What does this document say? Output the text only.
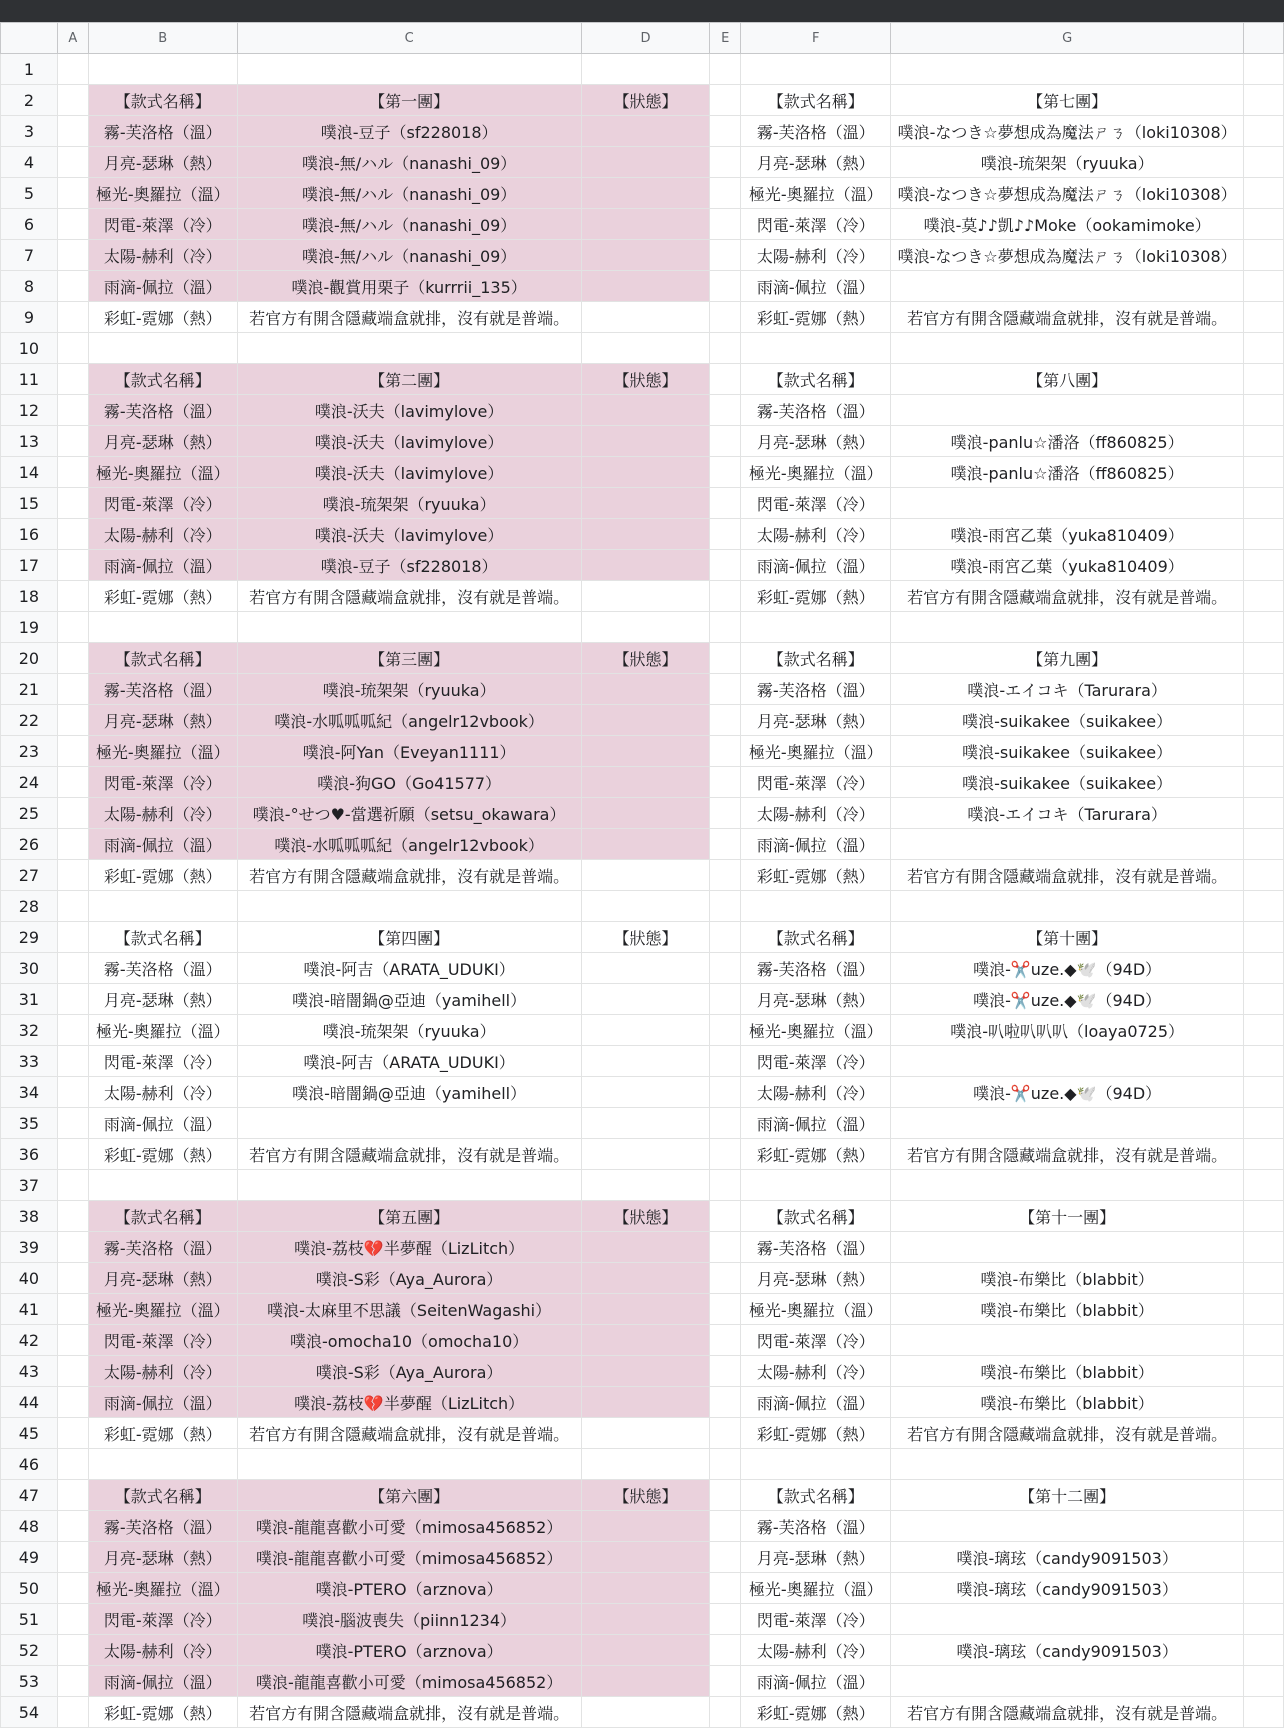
	A	B	C	D	E	F	G	
1								
2		【款式名稱】	【第一團】	【狀態】		【款式名稱】	【第七團】	
3		霧-芙洛格（溫）	噗浪-豆子（sf228018）			霧-芙洛格（溫）	噗浪-なつき☆夢想成為魔法ㄕㄋ（loki10308）	
4		月亮-瑟琳（熱）	噗浪-無/ハル（nanashi_09）			月亮-瑟琳（熱）	噗浪-琉架架（ryuuka）	
5		極光-奧羅拉（溫）	噗浪-無/ハル（nanashi_09）			極光-奧羅拉（溫）	噗浪-なつき☆夢想成為魔法ㄕㄋ（loki10308）	
6		閃電-萊澤（冷）	噗浪-無/ハル（nanashi_09）			閃電-萊澤（冷）	噗浪-莫♪♪凱♪♪Moke（ookamimoke）	
7		太陽-赫利（冷）	噗浪-無/ハル（nanashi_09）			太陽-赫利（冷）	噗浪-なつき☆夢想成為魔法ㄕㄋ（loki10308）	
8		雨滴-佩拉（溫）	噗浪-觀賞用栗子（kurrrii_135）			雨滴-佩拉（溫）		
9		彩虹-霓娜（熱）	若官方有開含隱藏端盒就排，沒有就是普端。			彩虹-霓娜（熱）	若官方有開含隱藏端盒就排，沒有就是普端。	
10								
11		【款式名稱】	【第二團】	【狀態】		【款式名稱】	【第八團】	
12		霧-芙洛格（溫）	噗浪-沃夫（lavimylove）			霧-芙洛格（溫）		
13		月亮-瑟琳（熱）	噗浪-沃夫（lavimylove）			月亮-瑟琳（熱）	噗浪-panlu☆潘洛（ff860825）	
14		極光-奧羅拉（溫）	噗浪-沃夫（lavimylove）			極光-奧羅拉（溫）	噗浪-panlu☆潘洛（ff860825）	
15		閃電-萊澤（冷）	噗浪-琉架架（ryuuka）			閃電-萊澤（冷）		
16		太陽-赫利（冷）	噗浪-沃夫（lavimylove）			太陽-赫利（冷）	噗浪-雨宮乙葉（yuka810409）	
17		雨滴-佩拉（溫）	噗浪-豆子（sf228018）			雨滴-佩拉（溫）	噗浪-雨宮乙葉（yuka810409）	
18		彩虹-霓娜（熱）	若官方有開含隱藏端盒就排，沒有就是普端。			彩虹-霓娜（熱）	若官方有開含隱藏端盒就排，沒有就是普端。	
19								
20		【款式名稱】	【第三團】	【狀態】		【款式名稱】	【第九團】	
21		霧-芙洛格（溫）	噗浪-琉架架（ryuuka）			霧-芙洛格（溫）	噗浪-エイコキ（Tarurara）	
22		月亮-瑟琳（熱）	噗浪-水呱呱呱紀（angelr12vbook）			月亮-瑟琳（熱）	噗浪-suikakee（suikakee）	
23		極光-奧羅拉（溫）	噗浪-阿Yan（Eveyan1111）			極光-奧羅拉（溫）	噗浪-suikakee（suikakee）	
24		閃電-萊澤（冷）	噗浪-狗GO（Go41577）			閃電-萊澤（冷）	噗浪-suikakee（suikakee）	
25		太陽-赫利（冷）	噗浪-°せつ♥-當選祈願（setsu_okawara）			太陽-赫利（冷）	噗浪-エイコキ（Tarurara）	
26		雨滴-佩拉（溫）	噗浪-水呱呱呱紀（angelr12vbook）			雨滴-佩拉（溫）		
27		彩虹-霓娜（熱）	若官方有開含隱藏端盒就排，沒有就是普端。			彩虹-霓娜（熱）	若官方有開含隱藏端盒就排，沒有就是普端。	
28								
29		【款式名稱】	【第四團】	【狀態】		【款式名稱】	【第十團】	
30		霧-芙洛格（溫）	噗浪-阿吉（ARATA_UDUKI）			霧-芙洛格（溫）	噗浪-✂️uze.◆🕊️（94D）	
31		月亮-瑟琳（熱）	噗浪-暗闇鍋@亞迪（yamihell）			月亮-瑟琳（熱）	噗浪-✂️uze.◆🕊️（94D）	
32		極光-奧羅拉（溫）	噗浪-琉架架（ryuuka）			極光-奧羅拉（溫）	噗浪-叭啦叭叭叭（loaya0725）	
33		閃電-萊澤（冷）	噗浪-阿吉（ARATA_UDUKI）			閃電-萊澤（冷）		
34		太陽-赫利（冷）	噗浪-暗闇鍋@亞迪（yamihell）			太陽-赫利（冷）	噗浪-✂️uze.◆🕊️（94D）	
35		雨滴-佩拉（溫）				雨滴-佩拉（溫）		
36		彩虹-霓娜（熱）	若官方有開含隱藏端盒就排，沒有就是普端。			彩虹-霓娜（熱）	若官方有開含隱藏端盒就排，沒有就是普端。	
37								
38		【款式名稱】	【第五團】	【狀態】		【款式名稱】	【第十一團】	
39		霧-芙洛格（溫）	噗浪-荔枝💔半夢醒（LizLitch）			霧-芙洛格（溫）		
40		月亮-瑟琳（熱）	噗浪-S彩（Aya_Aurora）			月亮-瑟琳（熱）	噗浪-布樂比（blabbit）	
41		極光-奧羅拉（溫）	噗浪-太麻里不思議（SeitenWagashi）			極光-奧羅拉（溫）	噗浪-布樂比（blabbit）	
42		閃電-萊澤（冷）	噗浪-omocha10（omocha10）			閃電-萊澤（冷）		
43		太陽-赫利（冷）	噗浪-S彩（Aya_Aurora）			太陽-赫利（冷）	噗浪-布樂比（blabbit）	
44		雨滴-佩拉（溫）	噗浪-荔枝💔半夢醒（LizLitch）			雨滴-佩拉（溫）	噗浪-布樂比（blabbit）	
45		彩虹-霓娜（熱）	若官方有開含隱藏端盒就排，沒有就是普端。			彩虹-霓娜（熱）	若官方有開含隱藏端盒就排，沒有就是普端。	
46								
47		【款式名稱】	【第六團】	【狀態】		【款式名稱】	【第十二團】	
48		霧-芙洛格（溫）	噗浪-龍龍喜歡小可愛（mimosa456852）			霧-芙洛格（溫）		
49		月亮-瑟琳（熱）	噗浪-龍龍喜歡小可愛（mimosa456852）			月亮-瑟琳（熱）	噗浪-璃玹（candy9091503）	
50		極光-奧羅拉（溫）	噗浪-PTERO（arznova）			極光-奧羅拉（溫）	噗浪-璃玹（candy9091503）	
51		閃電-萊澤（冷）	噗浪-腦波喪失（piinn1234）			閃電-萊澤（冷）		
52		太陽-赫利（冷）	噗浪-PTERO（arznova）			太陽-赫利（冷）	噗浪-璃玹（candy9091503）	
53		雨滴-佩拉（溫）	噗浪-龍龍喜歡小可愛（mimosa456852）			雨滴-佩拉（溫）		
54		彩虹-霓娜（熱）	若官方有開含隱藏端盒就排，沒有就是普端。			彩虹-霓娜（熱）	若官方有開含隱藏端盒就排，沒有就是普端。	
